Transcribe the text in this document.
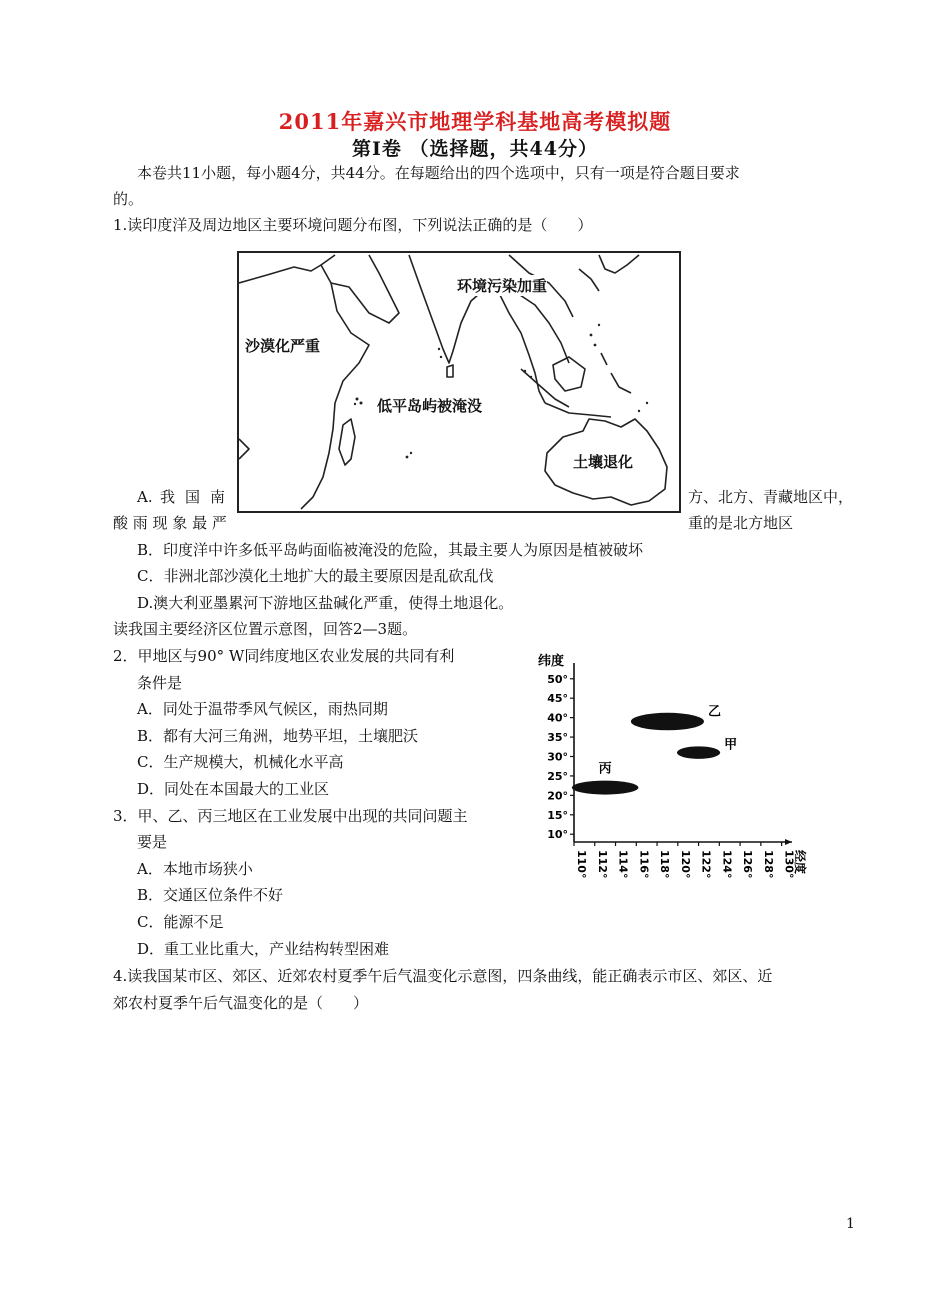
2011年嘉兴市地理学科基地高考模拟题
第Ⅰ卷 （选择题，共44分）
本卷共11小题，每小题4分，共44分。在每题给出的四个选项中，只有一项是符合题目要求
的。
1.读印度洋及周边地区主要环境问题分布图，下列说法正确的是（　　）
环境污染加重
沙漠化严重
低平岛屿被淹没
土壤退化
A. 我 国 南	方、北方、青藏地区中，
酸 雨 现 象 最 严	重的是北方地区
B．印度洋中许多低平岛屿面临被淹没的危险，其最主要人为原因是植被破坏
C．非洲北部沙漠化土地扩大的最主要原因是乱砍乱伐
D.澳大利亚墨累河下游地区盐碱化严重，使得土地退化。
读我国主要经济区位置示意图，回答2—3题。
2．甲地区与90° W同纬度地区农业发展的共同有利
条件是
A．同处于温带季风气候区，雨热同期
B．都有大河三角洲，地势平坦，土壤肥沃
C．生产规模大，机械化水平高
D．同处在本国最大的工业区
3．甲、乙、丙三地区在工业发展中出现的共同问题主
要是
A．本地市场狭小
B．交通区位条件不好
C．能源不足
D．重工业比重大，产业结构转型困难
4.读我国某市区、郊区、近郊农村夏季午后气温变化示意图，四条曲线，能正确表示市区、郊区、近
郊农村夏季午后气温变化的是（　　）
纬度
50°
45°
40°
35°
30°
25°
20°
15°
10°
110° 112° 114° 116° 118° 120° 122° 124° 126° 128° 130°
经度
乙
甲
丙
1
